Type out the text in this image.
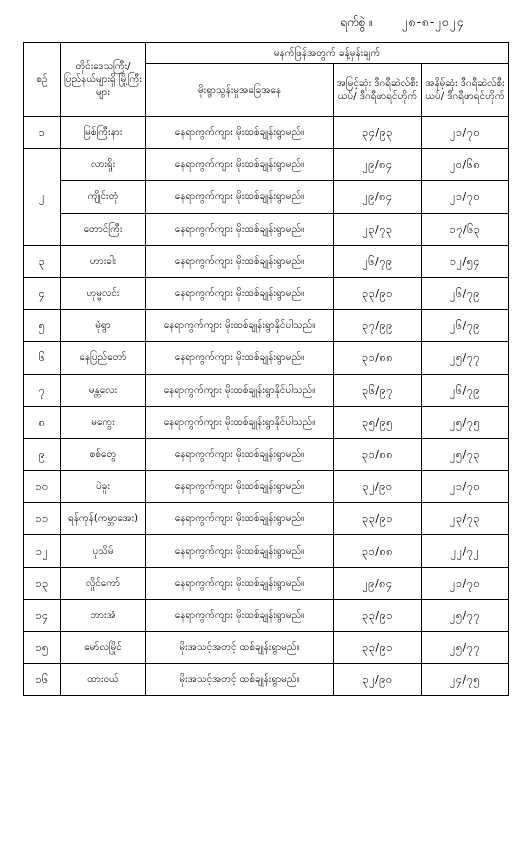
ရက်စွဲ ။ ၂၈-၈-၂၀၂၄
စဉ်	တိုင်းဒေသကြီး/ ပြည်နယ်များရှိ မြို့ကြီးများ	မနက်ဖြန်အတွက် ခန့်မှန်းချက်		
		မိုးရွာသွန်းမှုအခြေအနေ	အမြင့်ဆုံး ဒီဂရီဆဲလ်စီးယပ်/ ဒီဂရီဖာရင်ဟိုက်	အနိမ့်ဆုံး ဒီဂရီဆဲလ်စီးယပ်/ ဒီဂရီဖာရင်ဟိုက်
၁	မြစ်ကြီးနား	နေရာကွက်ကျား မိုးထစ်ချုန်းရွာမည်။	၃၄/၉၃	၂၁/၇၀
၂	လားရှိုး	နေရာကွက်ကျား မိုးထစ်ချုန်းရွာမည်။	၂၉/၈၄	၂၀/၆၈
	ကျိုင်းတုံ	နေရာကွက်ကျား မိုးထစ်ချုန်းရွာမည်။	၂၉/၈၄	၂၁/၇၀
	တောင်ကြီး	နေရာကွက်ကျား မိုးထစ်ချုန်းရွာမည်။	၂၃/၇၃	၁၇/၆၃
၃	ဟားခါး	နေရာကွက်ကျား မိုးထစ်ချုန်းရွာမည်။	၂၆/၇၉	၁၂/၅၄
၄	ဟုမ္မလင်း	နေရာကွက်ကျား မိုးထစ်ချုန်းရွာမည်။	၃၃/၉၁	၂၆/၇၉
၅	မုံရွာ	နေရာကွက်ကျား မိုးထစ်ချုန်းရွာနိုင်ပါသည်။	၃၇/၉၉	၂၆/၇၉
၆	နေပြည်တော်	နေရာကွက်ကျား မိုးထစ်ချုန်းရွာမည်။	၃၁/၈၈	၂၅/၇၇
၇	မန္တလေး	နေရာကွက်ကျား မိုးထစ်ချုန်းရွာနိုင်ပါသည်။	၃၆/၉၇	၂၆/၇၉
၈	မကွေး	နေရာကွက်ကျား မိုးထစ်ချုန်းရွာနိုင်ပါသည်။	၃၅/၉၅	၂၅/၇၅
၉	စစ်တွေ	နေရာကွက်ကျား မိုးထစ်ချုန်းရွာမည်။	၃၁/၈၈	၂၅/၇၃
၁၀	ပဲခူး	နေရာကွက်ကျား မိုးထစ်ချုန်းရွာမည်။	၃၂/၉၀	၂၁/၇၀
၁၁	ရန်ကုန်(ကမ္ဘာအေး)	နေရာကွက်ကျား မိုးထစ်ချုန်းရွာမည်။	၃၃/၉၁	၂၃/၇၃
၁၂	ပုသိမ်	နေရာကွက်ကျား မိုးထစ်ချုန်းရွာမည်။	၃၁/၈၈	၂၂/၇၂
၁၃	လှိုင်ကော်	နေရာကွက်ကျား မိုးထစ်ချုန်းရွာမည်။	၂၉/၈၄	၂၁/၇၀
၁၄	ဘားအံ	နေရာကွက်ကျား မိုးထစ်ချုန်းရွာမည်။	၃၃/၉၁	၂၅/၇၇
၁၅	မော်လမြိုင်	မိုးအသင့်အတင့် ထစ်ချုန်းရွာမည်။	၃၃/၉၁	၂၅/၇၇
၁၆	ထားဝယ်	မိုးအသင့်အတင့် ထစ်ချုန်းရွာမည်။	၃၂/၉၀	၂၄/၇၅
